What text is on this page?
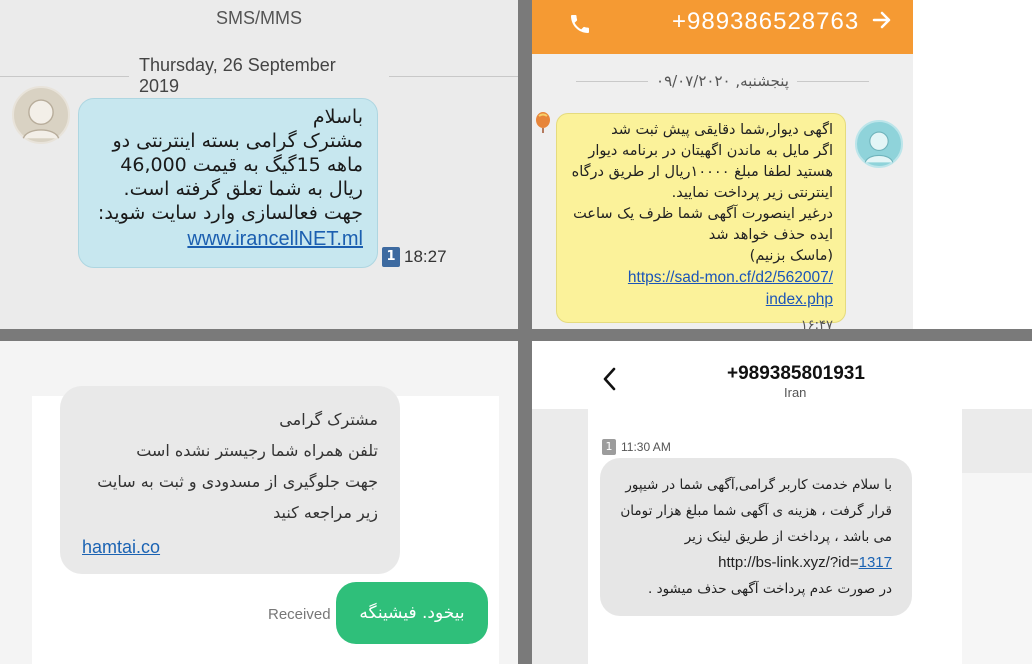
SMS/MMS
Thursday, 26 September 2019
باسلام
مشترک گرامی بسته اینترنتی دو
ماهه 15گیگ به قیمت 46,000
ریال به شما تعلق گرفته است.
جهت فعالسازی وارد سایت شوید:
www.irancellNET.ml
1 18:27
+989386528763
پنجشنبه, ۰۹/۰۷/۲۰۲۰
اگهی دیوار,شما دقایقی پیش ثبت شد
اگر مایل به ماندن اگهیتان در برنامه دیوار
هستید لطفا مبلغ ۱۰۰۰۰ریال ار طریق درگاه
اینترنتی زیر پرداخت نمایید.
درغیر اینصورت آگهی شما ظرف یک ساعت
ایده حذف خواهد شد
(ماسک بزنیم)
https://sad-mon.cf/d2/562007/
index.php
۱۶:۴۷
مشترک گرامی
تلفن همراه شما رجیستر نشده است
جهت جلوگیری از مسدودی و ثبت به سایت
زیر مراجعه کنید
hamtai.co
Received	بیخود. فیشینگه
+989385801931
Iran
1 11:30 AM
با سلام خدمت کاربر گرامی,آگهی شما در شیپور
قرار گرفت ، هزینه ی آگهی شما مبلغ هزار تومان
می باشد ، پرداخت از طریق لینک زیر
http://bs-link.xyz/?id=1317
در صورت عدم پرداخت آگهی حذف میشود .
